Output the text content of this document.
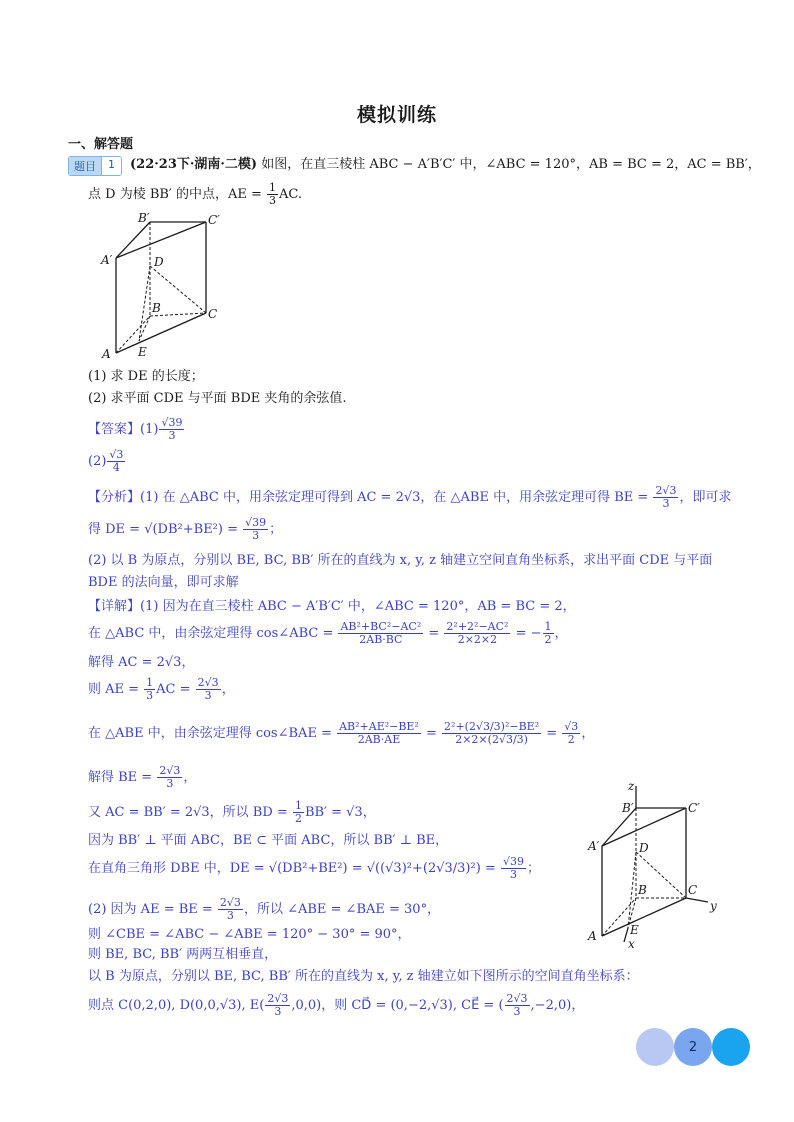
模拟训练
一、解答题
题目	1	(22·23下·湖南·二模) 如图，在直三棱柱 ABC − A′B′C′ 中，∠ABC = 120°，AB = BC = 2，AC = BB′，
点 D 为棱 BB′ 的中点，AE = $\frac{1}{3}$ AC.
B′	C′
A′	D
B	C
A E
(1) 求 DE 的长度；
(2) 求平面 CDE 与平面 BDE 夹角的余弦值.
【答案】$(1) \frac{√39}{3}$
$(2) \frac{√3}{4}$
【分析】(1) 在 △ABC 中，用余弦定理可得到 AC = 2√3，在 △ABE 中，用余弦定理可得 BE = $\frac{2√3}{3}$ ，即可求
得 DE = $√(DB^2+BE^2) = \frac{√39}{3}$ ；
(2) 以 B 为原点，分别以 BE, BC, BB′ 所在的直线为 x, y, z 轴建立空间直角坐标系，求出平面 CDE 与平面
BDE 的法向量，即可求解
【详解】(1) 因为在直三棱柱 ABC − A′B′C′ 中，∠ABC = 120°，AB = BC = 2，
在 △ABC 中，由余弦定理得 cos∠ABC = $\frac{\text{AB²+BC²−AC²}}{2AB\cdot BC} = \frac{\text{2²+2²−AC²}}{2\times 2\times 2}$ = − $\frac{1}{2}$ ，
解得 AC = 2√3，
则 AE = $\frac{1}{3}$ AC = $\frac{2√3}{3}$ ，
在 △ABE 中，由余弦定理得 cos∠BAE = $\frac{\text{AB²+AE²−BE²}}{2AB\cdot AE} = \frac{\text{2²+(2√3/3)²−BE²}}{2\times 2\times(2√3/3)} = \frac{√3}{2}$ ，
解得 BE = $\frac{2√3}{3}$ ，
又 AC = BB′ = 2√3，所以 BD = $\frac{1}{2} BB' = √3$，
因为 BB′ ⊥ 平面 ABC，BE ⊂ 平面 ABC，所以 BB′ ⊥ BE，
在直角三角形 DBE 中，DE = $√(DB^2+BE^2) = √((√3)^2+(2√3/3)^2) = \frac{√39}{3}$ ；
(2) 因为 AE = BE = $\frac{2√3}{3}$ ，所以 ∠ABE = ∠BAE = 30°，
则 ∠CBE = ∠ABC − ∠ABE = 120° − 30° = 90°，
则 BE, BC, BB′ 两两互相垂直，
以 B 为原点，分别以 BE, BC, BB′ 所在的直线为 x, y, z 轴建立如下图所示的空间直角坐标系：
则点 C(0,2,0), D(0,0,√3), $E( \frac{2√3}{3} ,0,0)$，则 CD⃗ = (0,−2,√3), CE⃗ = ( $\frac{2√3}{3} ,-2,0$)，
z
B′	C′
A′	D
B	C
y
A	E
x
2
